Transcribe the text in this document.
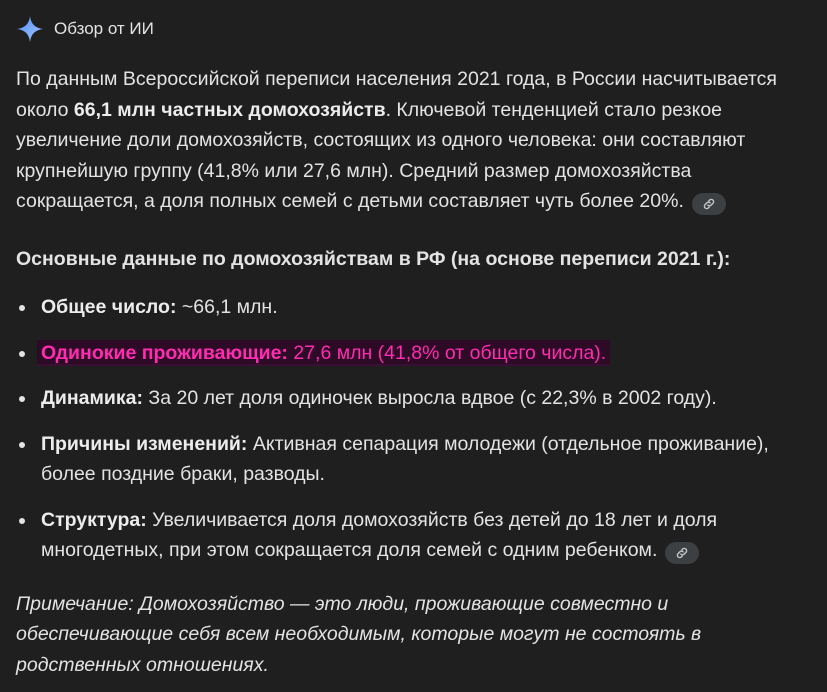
Обзор от ИИ

По данным Всероссийской переписи населения 2021 года, в России насчитывается около 66,1 млн частных домохозяйств. Ключевой тенденцией стало резкое увеличение доли домохозяйств, состоящих из одного человека: они составляют крупнейшую группу (41,8% или 27,6 млн). Средний размер домохозяйства сокращается, а доля полных семей с детьми составляет чуть более 20%.

Основные данные по домохозяйствам в РФ (на основе переписи 2021 г.):

Общее число: ~66,1 млн.
Одинокие проживающие: 27,6 млн (41,8% от общего числа).
Динамика: За 20 лет доля одиночек выросла вдвое (с 22,3% в 2002 году).
Причины изменений: Активная сепарация молодежи (отдельное проживание), более поздние браки, разводы.
Структура: Увеличивается доля домохозяйств без детей до 18 лет и доля многодетных, при этом сокращается доля семей с одним ребенком.

Примечание: Домохозяйство — это люди, проживающие совместно и обеспечивающие себя всем необходимым, которые могут не состоять в родственных отношениях.
